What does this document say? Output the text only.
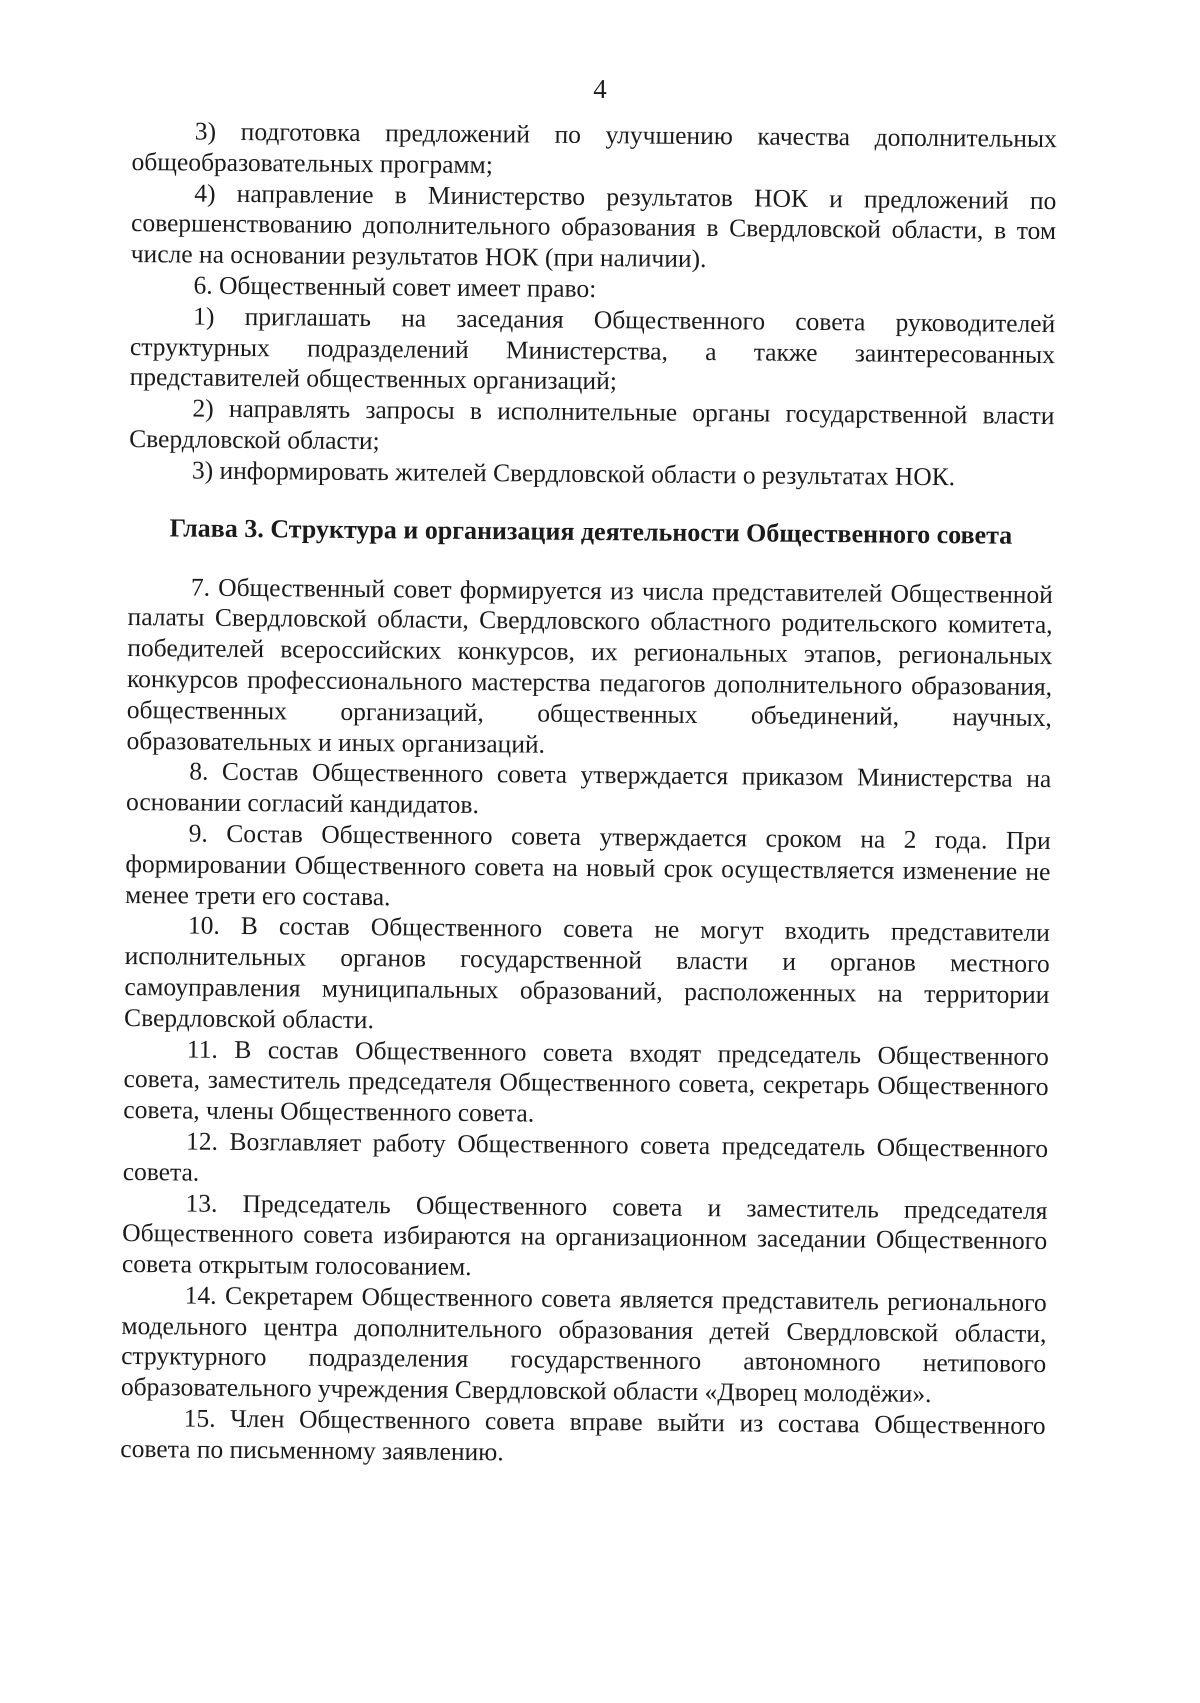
4

3) подготовка предложений по улучшению качества дополнительных общеобразовательных программ;

4) направление в Министерство результатов НОК и предложений по совершенствованию дополнительного образования в Свердловской области, в том числе на основании результатов НОК (при наличии).

6. Общественный совет имеет право:

1) приглашать на заседания Общественного совета руководителей структурных подразделений Министерства, а также заинтересованных представителей общественных организаций;

2) направлять запросы в исполнительные органы государственной власти Свердловской области;

3) информировать жителей Свердловской области о результатах НОК.

Глава 3. Структура и организация деятельности Общественного совета

7. Общественный совет формируется из числа представителей Общественной палаты Свердловской области, Свердловского областного родительского комитета, победителей всероссийских конкурсов, их региональных этапов, региональных конкурсов профессионального мастерства педагогов дополнительного образования, общественных организаций, общественных объединений, научных, образовательных и иных организаций.

8. Состав Общественного совета утверждается приказом Министерства на основании согласий кандидатов.

9. Состав Общественного совета утверждается сроком на 2 года. При формировании Общественного совета на новый срок осуществляется изменение не менее трети его состава.

10. В состав Общественного совета не могут входить представители исполнительных органов государственной власти и органов местного самоуправления муниципальных образований, расположенных на территории Свердловской области.

11. В состав Общественного совета входят председатель Общественного совета, заместитель председателя Общественного совета, секретарь Общественного совета, члены Общественного совета.

12. Возглавляет работу Общественного совета председатель Общественного совета.

13. Председатель Общественного совета и заместитель председателя Общественного совета избираются на организационном заседании Общественного совета открытым голосованием.

14. Секретарем Общественного совета является представитель регионального модельного центра дополнительного образования детей Свердловской области, структурного подразделения государственного автономного нетипового образовательного учреждения Свердловской области «Дворец молодёжи».

15. Член Общественного совета вправе выйти из состава Общественного совета по письменному заявлению.
